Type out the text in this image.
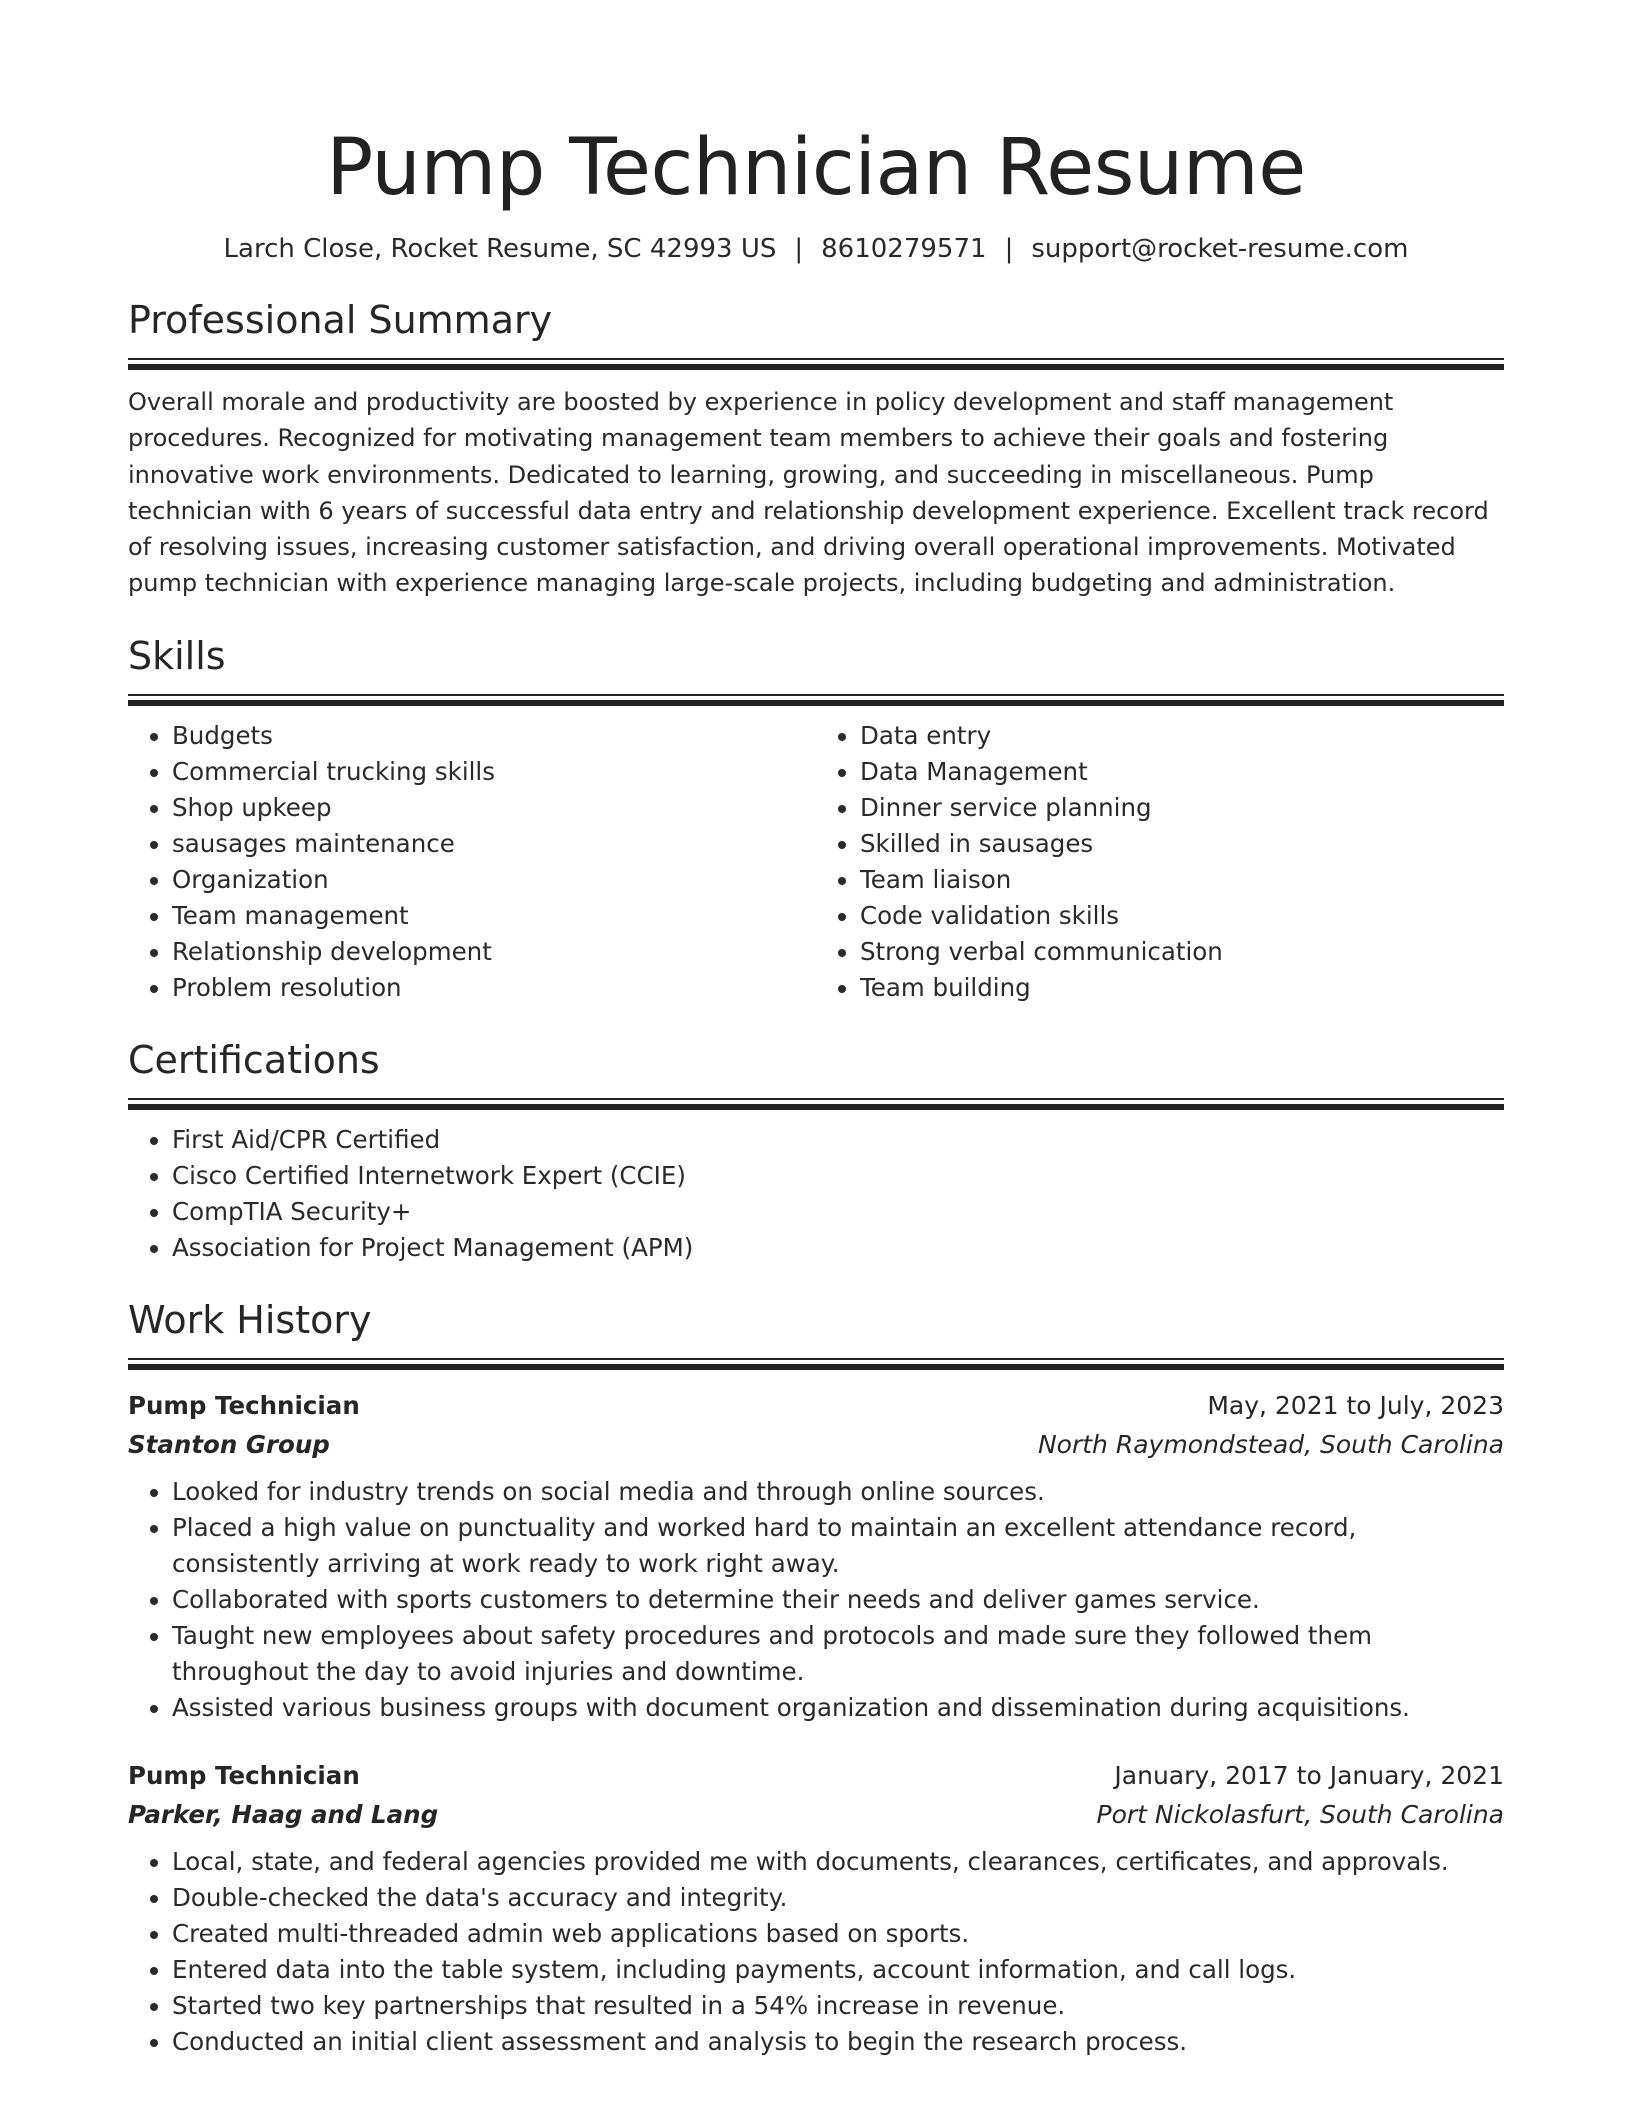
Pump Technician Resume
Larch Close, Rocket Resume, SC 42993 US | 8610279571 | support@rocket-resume.com
Professional Summary

Overall morale and productivity are boosted by experience in policy development and staff management procedures. Recognized for motivating management team members to achieve their goals and fostering innovative work environments. Dedicated to learning, growing, and succeeding in miscellaneous. Pump technician with 6 years of successful data entry and relationship development experience. Excellent track record of resolving issues, increasing customer satisfaction, and driving overall operational improvements. Motivated pump technician with experience managing large-scale projects, including budgeting and administration.

Skills
• Budgets
• Commercial trucking skills
• Shop upkeep
• sausages maintenance
• Organization
• Team management
• Relationship development
• Problem resolution
• Data entry
• Data Management
• Dinner service planning
• Skilled in sausages
• Team liaison
• Code validation skills
• Strong verbal communication
• Team building
Certifications
• First Aid/CPR Certified
• Cisco Certified Internetwork Expert (CCIE)
• CompTIA Security+
• Association for Project Management (APM)
Work History
Pump Technician	May, 2021 to July, 2023
Stanton Group	North Raymondstead, South Carolina
• Looked for industry trends on social media and through online sources.
• Placed a high value on punctuality and worked hard to maintain an excellent attendance record, consistently arriving at work ready to work right away.
• Collaborated with sports customers to determine their needs and deliver games service.
• Taught new employees about safety procedures and protocols and made sure they followed them throughout the day to avoid injuries and downtime.
• Assisted various business groups with document organization and dissemination during acquisitions.
Pump Technician	January, 2017 to January, 2021
Parker, Haag and Lang	Port Nickolasfurt, South Carolina
• Local, state, and federal agencies provided me with documents, clearances, certificates, and approvals.
• Double-checked the data's accuracy and integrity.
• Created multi-threaded admin web applications based on sports.
• Entered data into the table system, including payments, account information, and call logs.
• Started two key partnerships that resulted in a 54% increase in revenue.
• Conducted an initial client assessment and analysis to begin the research process.
